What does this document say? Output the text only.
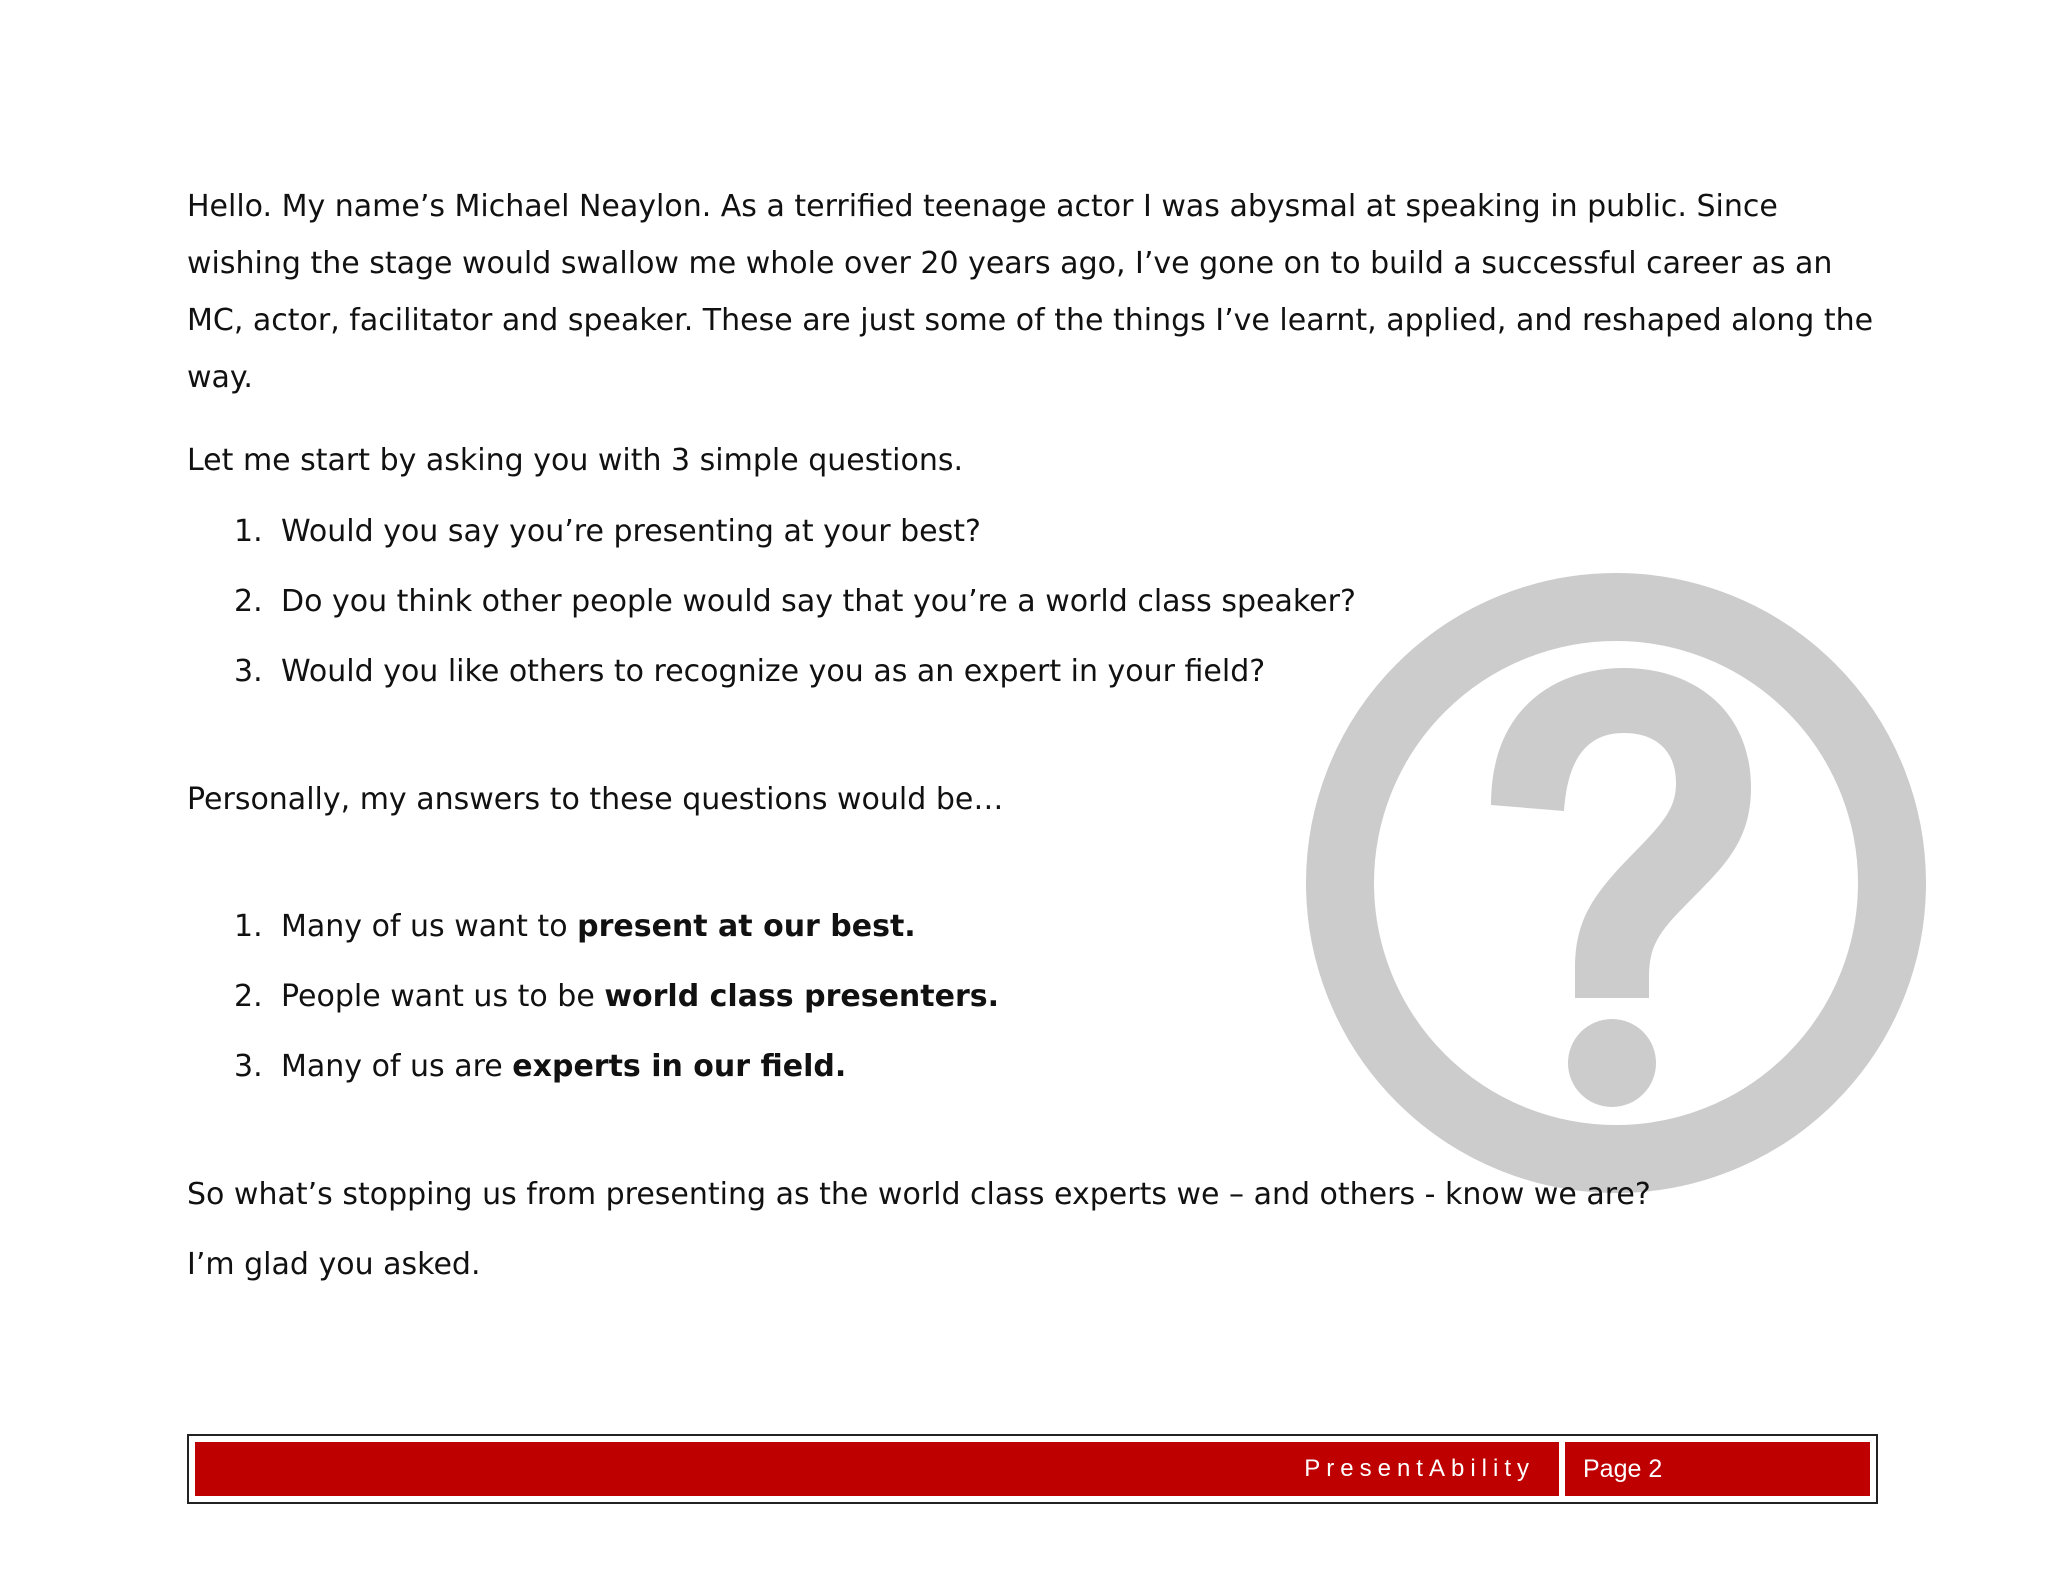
Hello. My name’s Michael Neaylon. As a terrified teenage actor I was abysmal at speaking in public. Since wishing the stage would swallow me whole over 20 years ago, I’ve gone on to build a successful career as an MC, actor, facilitator and speaker. These are just some of the things I’ve learnt, applied, and reshaped along the way.

Let me start by asking you with 3 simple questions.

1. Would you say you’re presenting at your best?
2. Do you think other people would say that you’re a world class speaker?
3. Would you like others to recognize you as an expert in your field?

Personally, my answers to these questions would be…

1. Many of us want to present at our best.
2. People want us to be world class presenters.
3. Many of us are experts in our field.

So what’s stopping us from presenting as the world class experts we – and others - know we are?

I’m glad you asked.

PresentAbility	Page 2
